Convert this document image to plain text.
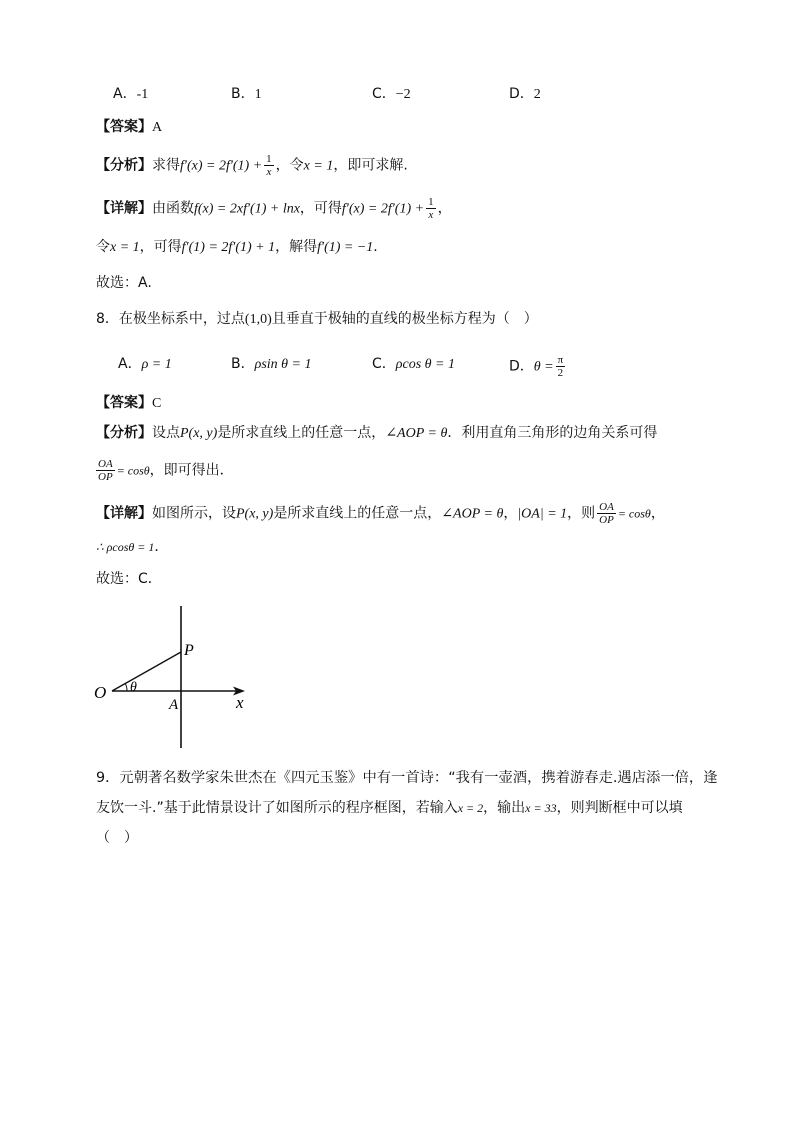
A．-1	B．1	C．−2	D．2
【答案】A
【分析】求得$f'(x) = 2f'(1) + \frac{1}{x}$ ，令x = 1，即可求解.
【详解】由函数f(x) = 2xf′(1) + lnx，可得$f'(x) = 2f'(1) + \frac{1}{x}$ ，
令x = 1，可得f′(1) = 2f′(1) + 1，解得f′(1) = −1.
故选：A.
8．在极坐标系中，过点(1,0)且垂直于极轴的直线的极坐标方程为（　）
A．ρ = 1	B．ρsin θ = 1	C．ρcos θ = 1	D．$\theta = \frac{\pi}{2}$
【答案】C
【分析】设点P(x, y)是所求直线上的任意一点，∠AOP = θ．利用直角三角形的边角关系可得
$\frac{OA}{OP} = \cos\theta$，即可得出．
【详解】如图所示，设P(x, y)是所求直线上的任意一点，∠AOP = θ，|OA| = 1，则 $\frac{OA}{OP} = \cos\theta$，
∴ ρcosθ = 1．
故选：C．
O
P
A	x
θ
9．元朝著名数学家朱世杰在《四元玉鉴》中有一首诗：“我有一壶酒，携着游春走.遇店添一倍，逢
友饮一斗.”基于此情景设计了如图所示的程序框图，若输入x = 2，输出x = 33，则判断框中可以填
（　）
